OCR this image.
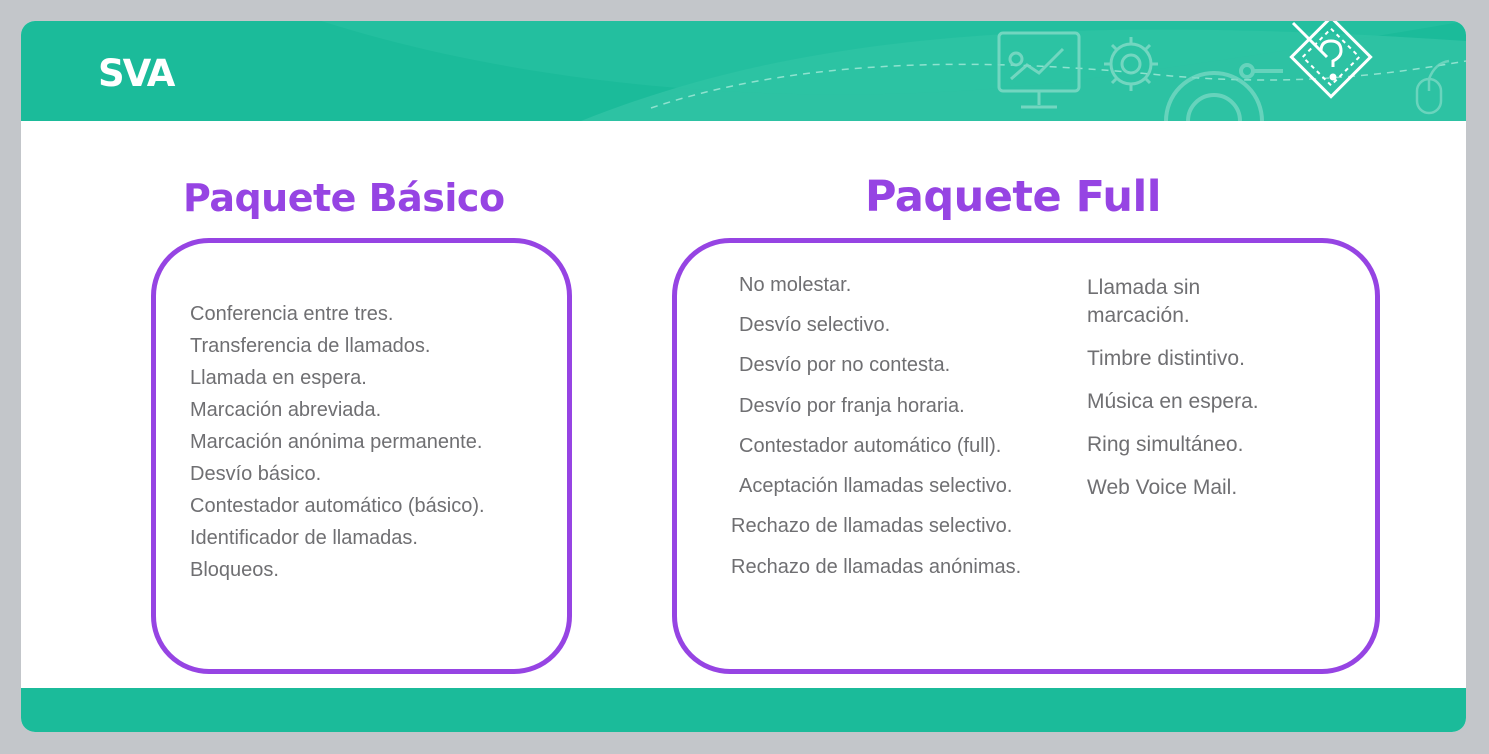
SVA
Paquete Básico	Paquete Full
Conferencia entre tres.
Transferencia de llamados.
Llamada en espera.
Marcación abreviada.
Marcación anónima permanente.
Desvío básico.
Contestador automático (básico).
Identificador de llamadas.
Bloqueos.

No molestar.

Desvío selectivo.

Desvío por no contesta.

Desvío por franja horaria.

Contestador automático (full).

Aceptación llamadas selectivo.

Rechazo de llamadas selectivo.

Rechazo de llamadas anónimas.

Llamada sin

marcación.

Timbre distintivo.

Música en espera.

Ring simultáneo.

Web Voice Mail.
